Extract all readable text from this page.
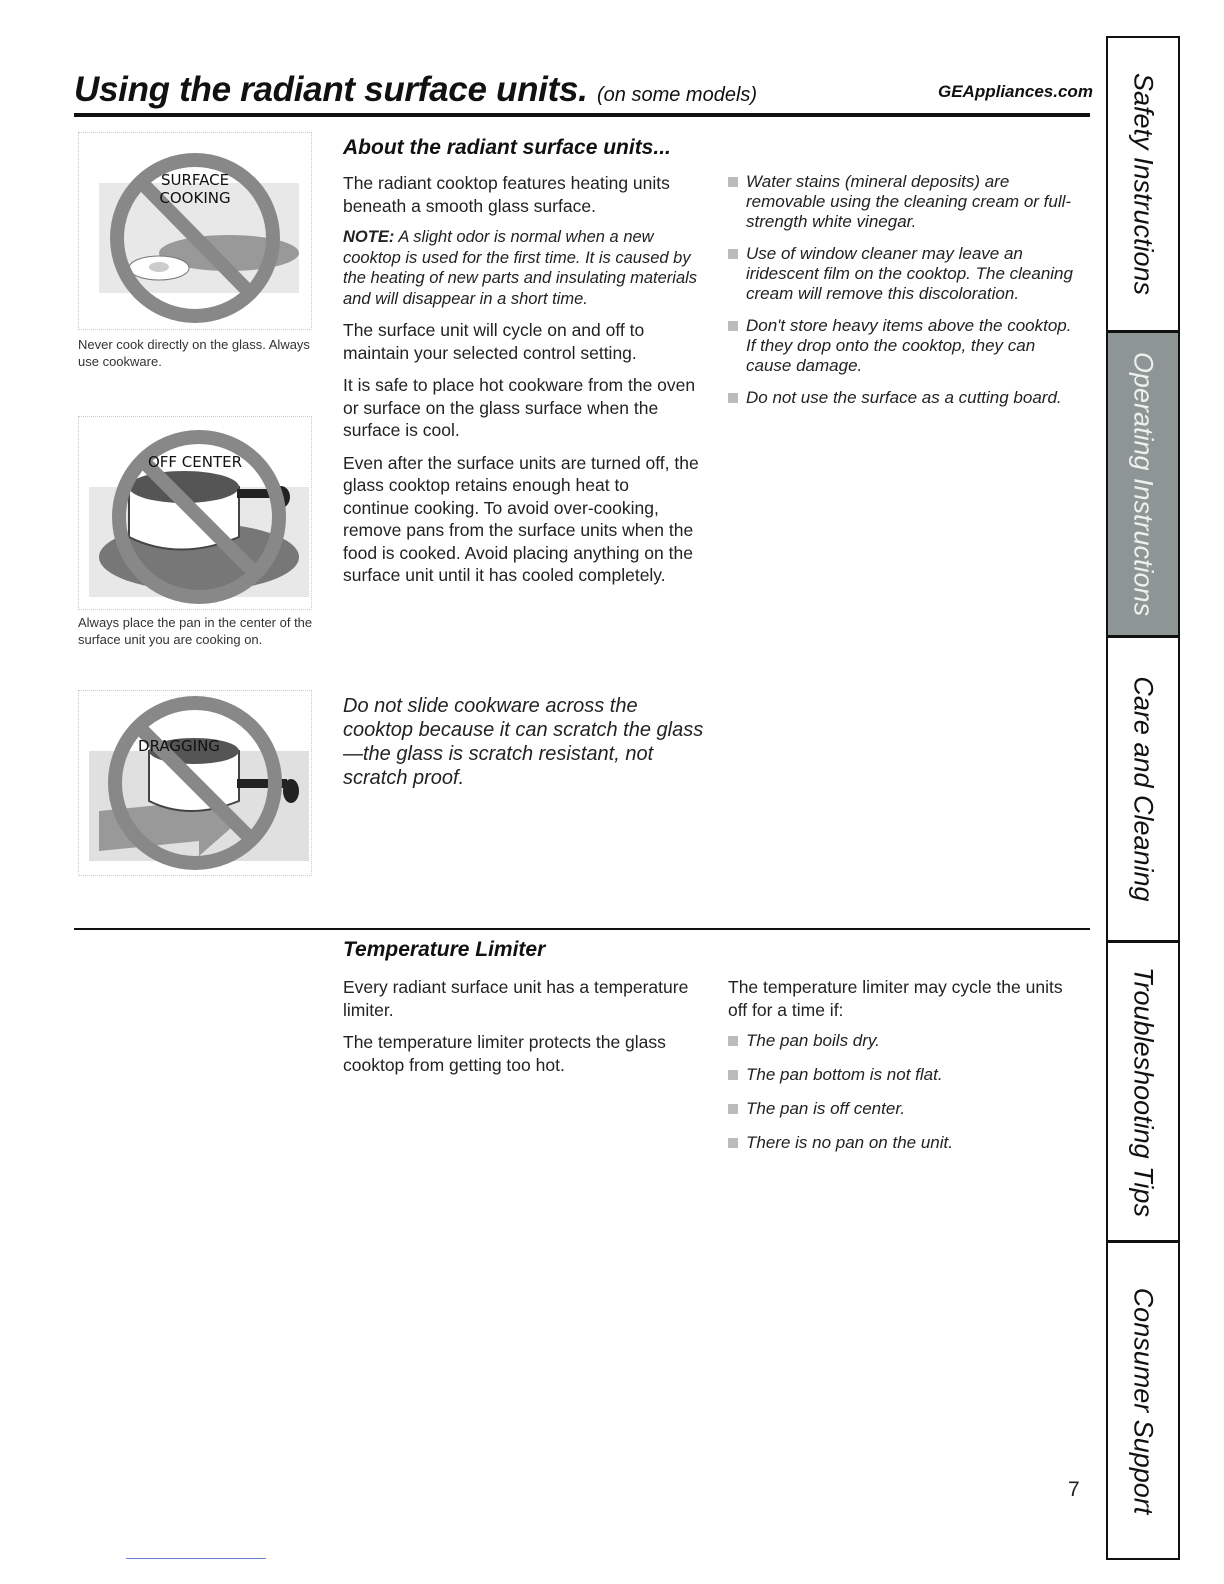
Using the radiant surface units. (on some models)	GEAppliances.com
SURFACE
COOKING
Never cook directly on the glass. Always use cookware.
OFF CENTER
Always place the pan in the center of the surface unit you are cooking on.
DRAGGING
About the radiant surface units...

The radiant cooktop features heating units beneath a smooth glass surface.

NOTE: A slight odor is normal when a new cooktop is used for the first time. It is caused by the heating of new parts and insulating materials and will disappear in a short time.

The surface unit will cycle on and off to maintain your selected control setting.

It is safe to place hot cookware from the oven or surface on the glass surface when the surface is cool.

Even after the surface units are turned off, the glass cooktop retains enough heat to continue cooking. To avoid over-cooking, remove pans from the surface units when the food is cooked. Avoid placing anything on the surface unit until it has cooled completely.

Water stains (mineral deposits) are removable using the cleaning cream or full-strength white vinegar.
Use of window cleaner may leave an iridescent film on the cooktop. The cleaning cream will remove this discoloration.
Don't store heavy items above the cooktop. If they drop onto the cooktop, they can cause damage.
Do not use the surface as a cutting board.
Do not slide cookware across the cooktop because it can scratch the glass—the glass is scratch resistant, not scratch proof.
Temperature Limiter

Every radiant surface unit has a temperature limiter.

The temperature limiter protects the glass cooktop from getting too hot.

The temperature limiter may cycle the units off for a time if:
The pan boils dry.
The pan bottom is not flat.
The pan is off center.
There is no pan on the unit.
Safety Instructions
Operating Instructions
Care and Cleaning
Troubleshooting Tips
Consumer Support
7
